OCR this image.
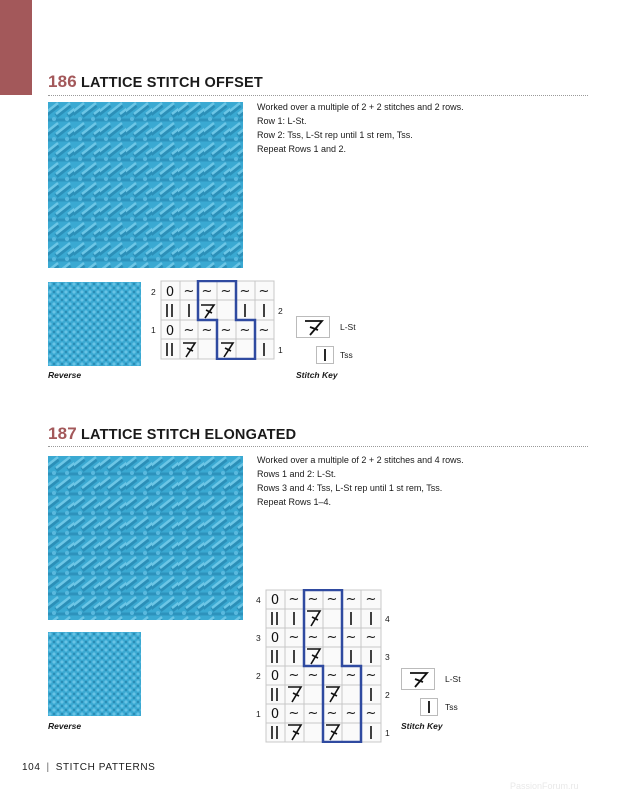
186 LATTICE STITCH OFFSET
Worked over a multiple of 2 + 2 stitches and 2 rows.
Row 1: L-St.
Row 2: Tss, L-St rep until 1 st rem, Tss.
Repeat Rows 1 and 2.
Reverse
0 ~ ~ ~ ~ ~
0 ~ ~ ~ ~ ~
2
2
1
1
L-St
Tss
Stitch Key
187 LATTICE STITCH ELONGATED
Worked over a multiple of 2 + 2 stitches and 4 rows.
Rows 1 and 2: L-St.
Rows 3 and 4: Tss, L-St rep until 1 st rem, Tss.
Repeat Rows 1–4.
Reverse
0 ~ ~ ~ ~ ~
0 ~ ~ ~ ~ ~
0 ~ ~ ~ ~ ~
0 ~ ~ ~ ~ ~
4
4
3
3
2
2
1
1
L-St
Tss
Stitch Key
104 | STITCH PATTERNS
PassionForum.ru
